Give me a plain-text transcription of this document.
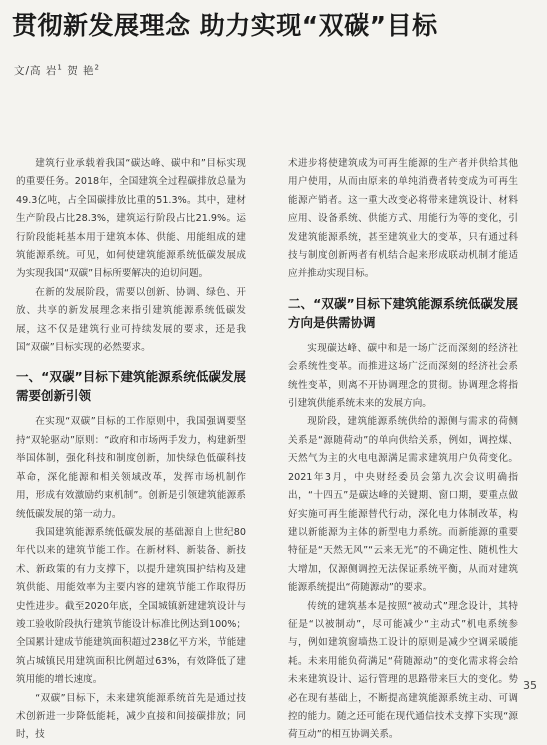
贯彻新发展理念 助力实现“双碳”目标
文/高 岩$^1$ 贺 艳$^2$

建筑行业承载着我国“碳达峰、碳中和”目标实现的重要任务。2018年，全国建筑全过程碳排放总量为49.3亿吨，占全国碳排放比重的51.3%。其中，建材生产阶段占比28.3%，建筑运行阶段占比21.9%。运行阶段能耗基本用于建筑本体、供能、用能组成的建筑能源系统。可见，如何使建筑能源系统低碳发展成为实现我国“双碳”目标所要解决的迫切问题。

在新的发展阶段，需要以创新、协调、绿色、开放、共享的新发展理念来指引建筑能源系统低碳发展，这不仅是建筑行业可持续发展的要求，还是我国“双碳”目标实现的必然要求。

一、“双碳”目标下建筑能源系统低碳发展需要创新引领

在实现“双碳”目标的工作原则中，我国强调要坚持“双轮驱动”原则：“政府和市场两手发力，构建新型举国体制，强化科技和制度创新，加快绿色低碳科技革命，深化能源和相关领域改革，发挥市场机制作用，形成有效激励约束机制”。创新是引领建筑能源系统低碳发展的第一动力。

我国建筑能源系统低碳发展的基础源自上世纪80年代以来的建筑节能工作。在新材料、新装备、新技术、新政策的有力支撑下，以提升建筑围护结构及建筑供能、用能效率为主要内容的建筑节能工作取得历史性进步。截至2020年底，全国城镇新建建筑设计与竣工验收阶段执行建筑节能设计标准比例达到100%；全国累计建成节能建筑面积超过238亿平方米，节能建筑占城镇民用建筑面积比例超过63%，有效降低了建筑用能的增长速度。

“双碳”目标下，未来建筑能源系统首先是通过技术创新进一步降低能耗，减少直接和间接碳排放；同时，技

术进步将使建筑成为可再生能源的生产者并供给其他用户使用，从而由原来的单纯消费者转变成为可再生能源产销者。这一重大改变必将带来建筑设计、材料应用、设备系统、供能方式、用能行为等的变化，引发建筑能源系统，甚至建筑业大的变革，只有通过科技与制度创新两者有机结合起来形成联动机制才能适应并推动实现目标。

二、“双碳”目标下建筑能源系统低碳发展方向是供需协调

实现碳达峰、碳中和是一场广泛而深刻的经济社会系统性变革。而推进这场广泛而深刻的经济社会系统性变革，则离不开协调理念的贯彻。协调理念将指引建筑供能系统未来的发展方向。

现阶段，建筑能源系统供给的源侧与需求的荷侧关系是“源随荷动”的单向供给关系，例如，调控煤、天然气为主的火电电源满足需求建筑用户负荷变化。2021年3月，中央财经委员会第九次会议明确指出，“十四五”是碳达峰的关键期、窗口期，要重点做好实施可再生能源替代行动，深化电力体制改革，构建以新能源为主体的新型电力系统。而新能源的重要特征是“天然无风”“云来无光”的不确定性、随机性大大增加，仅源侧调控无法保证系统平衡，从而对建筑能源系统提出“荷随源动”的要求。

传统的建筑基本是按照“被动式”理念设计，其特征是“以被制动”，尽可能减少“主动式”机电系统参与，例如建筑窗墙热工设计的原则是减少空调采暖能耗。未来用能负荷满足“荷随源动”的变化需求将会给未来建筑设计、运行管理的思路带来巨大的变化。势必在现有基础上，不断提高建筑能源系统主动、可调控的能力。随之还可能在现代通信技术支撑下实现“源荷互动”的相互协调关系。

35
